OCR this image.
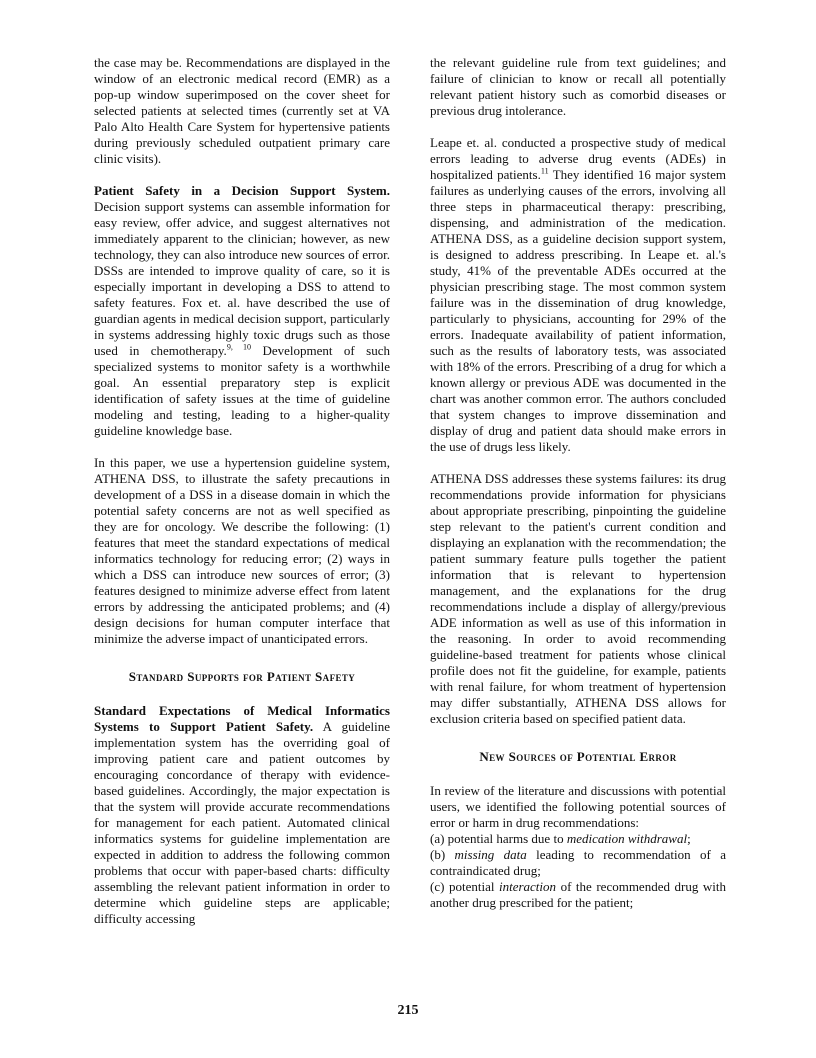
the case may be. Recommendations are displayed in the window of an electronic medical record (EMR) as a pop-up window superimposed on the cover sheet for selected patients at selected times (currently set at VA Palo Alto Health Care System for hypertensive patients during previously scheduled outpatient primary care clinic visits).

Patient Safety in a Decision Support System. Decision support systems can assemble information for easy review, offer advice, and suggest alternatives not immediately apparent to the clinician; however, as new technology, they can also introduce new sources of error. DSSs are intended to improve quality of care, so it is especially important in developing a DSS to attend to safety features. Fox et. al. have described the use of guardian agents in medical decision support, particularly in systems addressing highly toxic drugs such as those used in chemotherapy.$^{9, 10}$ Development of such specialized systems to monitor safety is a worthwhile goal. An essential preparatory step is explicit identification of safety issues at the time of guideline modeling and testing, leading to a higher-quality guideline knowledge base.

In this paper, we use a hypertension guideline system, ATHENA DSS, to illustrate the safety precautions in development of a DSS in a disease domain in which the potential safety concerns are not as well specified as they are for oncology. We describe the following: (1) features that meet the standard expectations of medical informatics technology for reducing error; (2) ways in which a DSS can introduce new sources of error; (3) features designed to minimize adverse effect from latent errors by addressing the anticipated problems; and (4) design decisions for human computer interface that minimize the adverse impact of unanticipated errors.

Standard Supports for Patient Safety

Standard Expectations of Medical Informatics Systems to Support Patient Safety. A guideline implementation system has the overriding goal of improving patient care and patient outcomes by encouraging concordance of therapy with evidence-based guidelines. Accordingly, the major expectation is that the system will provide accurate recommendations for management for each patient. Automated clinical informatics systems for guideline implementation are expected in addition to address the following common problems that occur with paper-based charts: difficulty assembling the relevant patient information in order to determine which guideline steps are applicable; difficulty accessing

the relevant guideline rule from text guidelines; and failure of clinician to know or recall all potentially relevant patient history such as comorbid diseases or previous drug intolerance.

Leape et. al. conducted a prospective study of medical errors leading to adverse drug events (ADEs) in hospitalized patients.$^{11}$ They identified 16 major system failures as underlying causes of the errors, involving all three steps in pharmaceutical therapy: prescribing, dispensing, and administration of the medication. ATHENA DSS, as a guideline decision support system, is designed to address prescribing. In Leape et. al.'s study, 41% of the preventable ADEs occurred at the physician prescribing stage. The most common system failure was in the dissemination of drug knowledge, particularly to physicians, accounting for 29% of the errors. Inadequate availability of patient information, such as the results of laboratory tests, was associated with 18% of the errors. Prescribing of a drug for which a known allergy or previous ADE was documented in the chart was another common error. The authors concluded that system changes to improve dissemination and display of drug and patient data should make errors in the use of drugs less likely.

ATHENA DSS addresses these systems failures: its drug recommendations provide information for physicians about appropriate prescribing, pinpointing the guideline step relevant to the patient's current condition and displaying an explanation with the recommendation; the patient summary feature pulls together the patient information that is relevant to hypertension management, and the explanations for the drug recommendations include a display of allergy/previous ADE information as well as use of this information in the reasoning. In order to avoid recommending guideline-based treatment for patients whose clinical profile does not fit the guideline, for example, patients with renal failure, for whom treatment of hypertension may differ substantially, ATHENA DSS allows for exclusion criteria based on specified patient data.

New Sources of Potential Error

In review of the literature and discussions with potential users, we identified the following potential sources of error or harm in drug recommendations:

(a) potential harms due to medication withdrawal;

(b) missing data leading to recommendation of a contraindicated drug;

(c) potential interaction of the recommended drug with another drug prescribed for the patient;

215
